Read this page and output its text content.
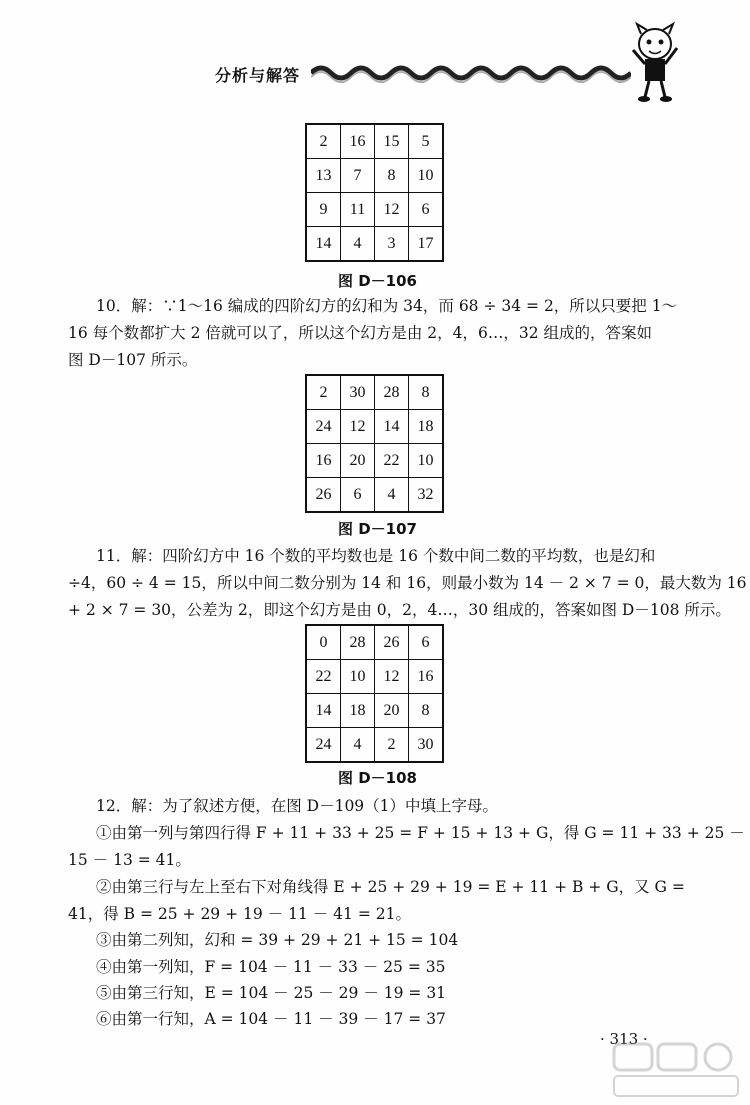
分析与解答
2	16	15	5
13	7	8	10
9	11	12	6
14	4	3	17
图 D－106
10．解：∵1～16 编成的四阶幻方的幻和为 34，而 68 ÷ 34 = 2，所以只要把 1～
16 每个数都扩大 2 倍就可以了，所以这个幻方是由 2，4，6…，32 组成的，答案如
图 D－107 所示。
2	30	28	8
24	12	14	18
16	20	22	10
26	6	4	32
图 D－107
11．解：四阶幻方中 16 个数的平均数也是 16 个数中间二数的平均数，也是幻和
÷4，60 ÷ 4 = 15，所以中间二数分别为 14 和 16，则最小数为 14 － 2 × 7 = 0，最大数为 16
+ 2 × 7 = 30，公差为 2，即这个幻方是由 0，2，4…，30 组成的，答案如图 D－108 所示。
0	28	26	6
22	10	12	16
14	18	20	8
24	4	2	30
图 D－108
12．解：为了叙述方便，在图 D－109（1）中填上字母。
①由第一列与第四行得 F + 11 + 33 + 25 = F + 15 + 13 + G，得 G = 11 + 33 + 25 －
15 － 13 = 41。
②由第三行与左上至右下对角线得 E + 25 + 29 + 19 = E + 11 + B + G，又 G =
41，得 B = 25 + 29 + 19 － 11 － 41 = 21。
③由第二列知，幻和 = 39 + 29 + 21 + 15 = 104
④由第一列知，F = 104 － 11 － 33 － 25 = 35
⑤由第三行知，E = 104 － 25 － 29 － 19 = 31
⑥由第一行知，A = 104 － 11 － 39 － 17 = 37
· 313 ·
